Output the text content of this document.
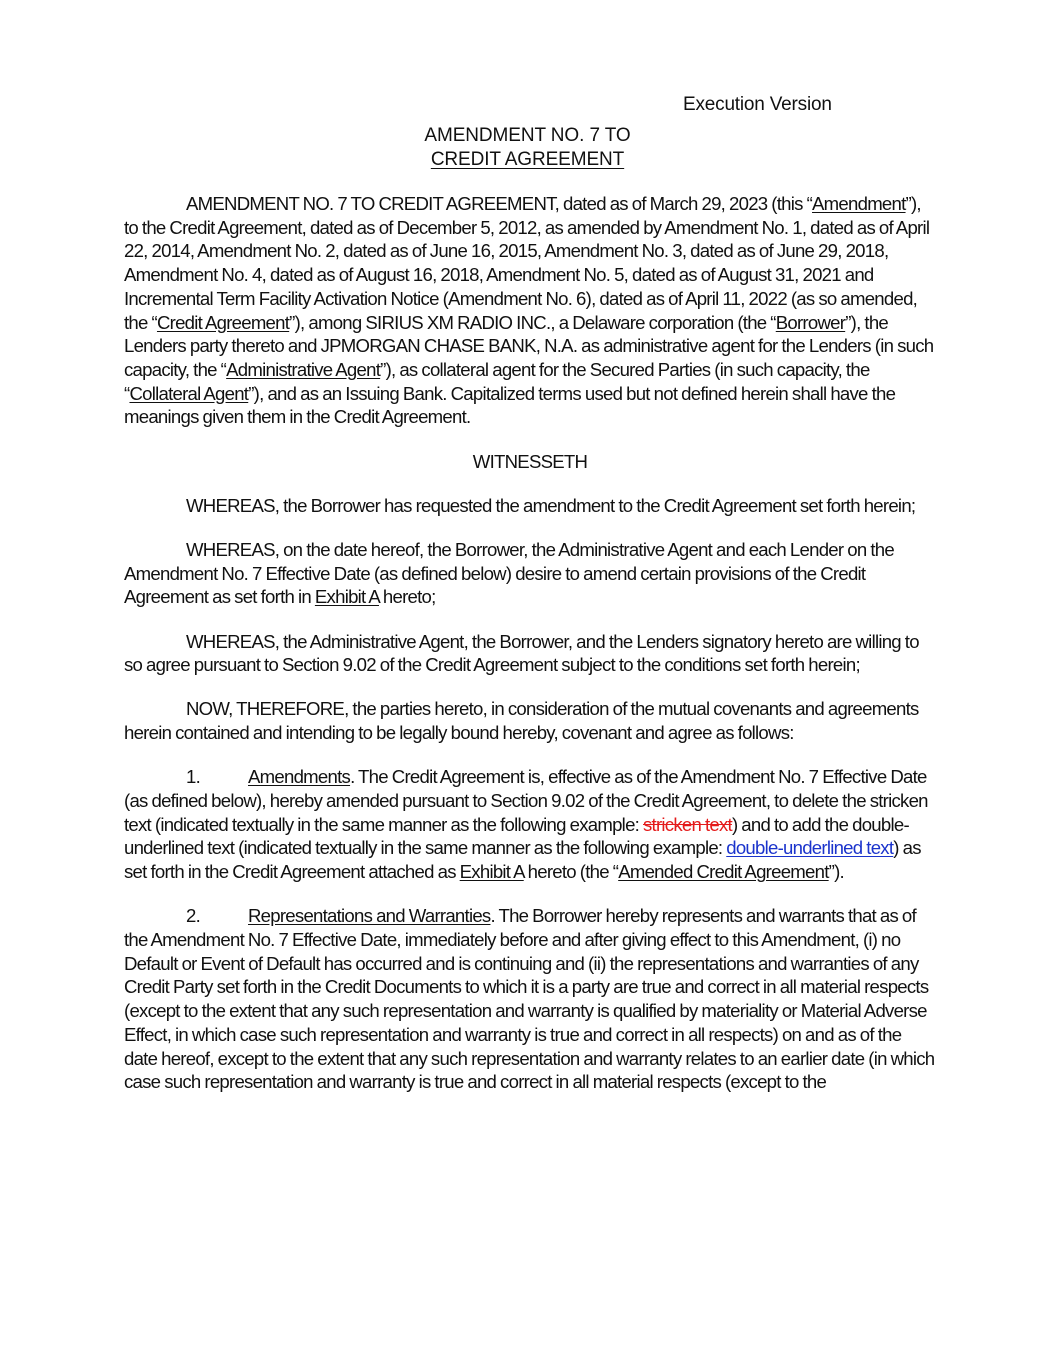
Execution Version
AMENDMENT NO. 7 TO
CREDIT AGREEMENT

AMENDMENT NO. 7 TO CREDIT AGREEMENT, dated as of March 29, 2023 (this “Amendment”), to the Credit Agreement, dated as of December 5, 2012, as amended by Amendment No. 1, dated as of April 22, 2014, Amendment No. 2, dated as of June 16, 2015, Amendment No. 3, dated as of June 29, 2018, Amendment No. 4, dated as of August 16, 2018, Amendment No. 5, dated as of August 31, 2021 and Incremental Term Facility Activation Notice (Amendment No. 6), dated as of April 11, 2022 (as so amended, the “Credit Agreement”), among SIRIUS XM RADIO INC., a Delaware corporation (the “Borrower”), the Lenders party thereto and JPMORGAN CHASE BANK, N.A. as administrative agent for the Lenders (in such capacity, the “Administrative Agent”), as collateral agent for the Secured Parties (in such capacity, the “Collateral Agent”), and as an Issuing Bank. Capitalized terms used but not defined herein shall have the meanings given them in the Credit Agreement.

WITNESSETH

WHEREAS, the Borrower has requested the amendment to the Credit Agreement set forth herein;

WHEREAS, on the date hereof, the Borrower, the Administrative Agent and each Lender on the Amendment No. 7 Effective Date (as defined below) desire to amend certain provisions of the Credit Agreement as set forth in Exhibit A hereto;

WHEREAS, the Administrative Agent, the Borrower, and the Lenders signatory hereto are willing to so agree pursuant to Section 9.02 of the Credit Agreement subject to the conditions set forth herein;

NOW, THEREFORE, the parties hereto, in consideration of the mutual covenants and agreements herein contained and intending to be legally bound hereby, covenant and agree as follows:

1.	Amendments. The Credit Agreement is, effective as of the Amendment No. 7 Effective Date (as defined below), hereby amended pursuant to Section 9.02 of the Credit Agreement, to delete the stricken text (indicated textually in the same manner as the following example: stricken text) and to add the double-underlined text (indicated textually in the same manner as the following example: double-underlined text) as set forth in the Credit Agreement attached as Exhibit A hereto (the “Amended Credit Agreement”).

2.	Representations and Warranties. The Borrower hereby represents and warrants that as of the Amendment No. 7 Effective Date, immediately before and after giving effect to this Amendment, (i) no Default or Event of Default has occurred and is continuing and (ii) the representations and warranties of any Credit Party set forth in the Credit Documents to which it is a party are true and correct in all material respects (except to the extent that any such representation and warranty is qualified by materiality or Material Adverse Effect, in which case such representation and warranty is true and correct in all respects) on and as of the date hereof, except to the extent that any such representation and warranty relates to an earlier date (in which case such representation and warranty is true and correct in all material respects (except to the
